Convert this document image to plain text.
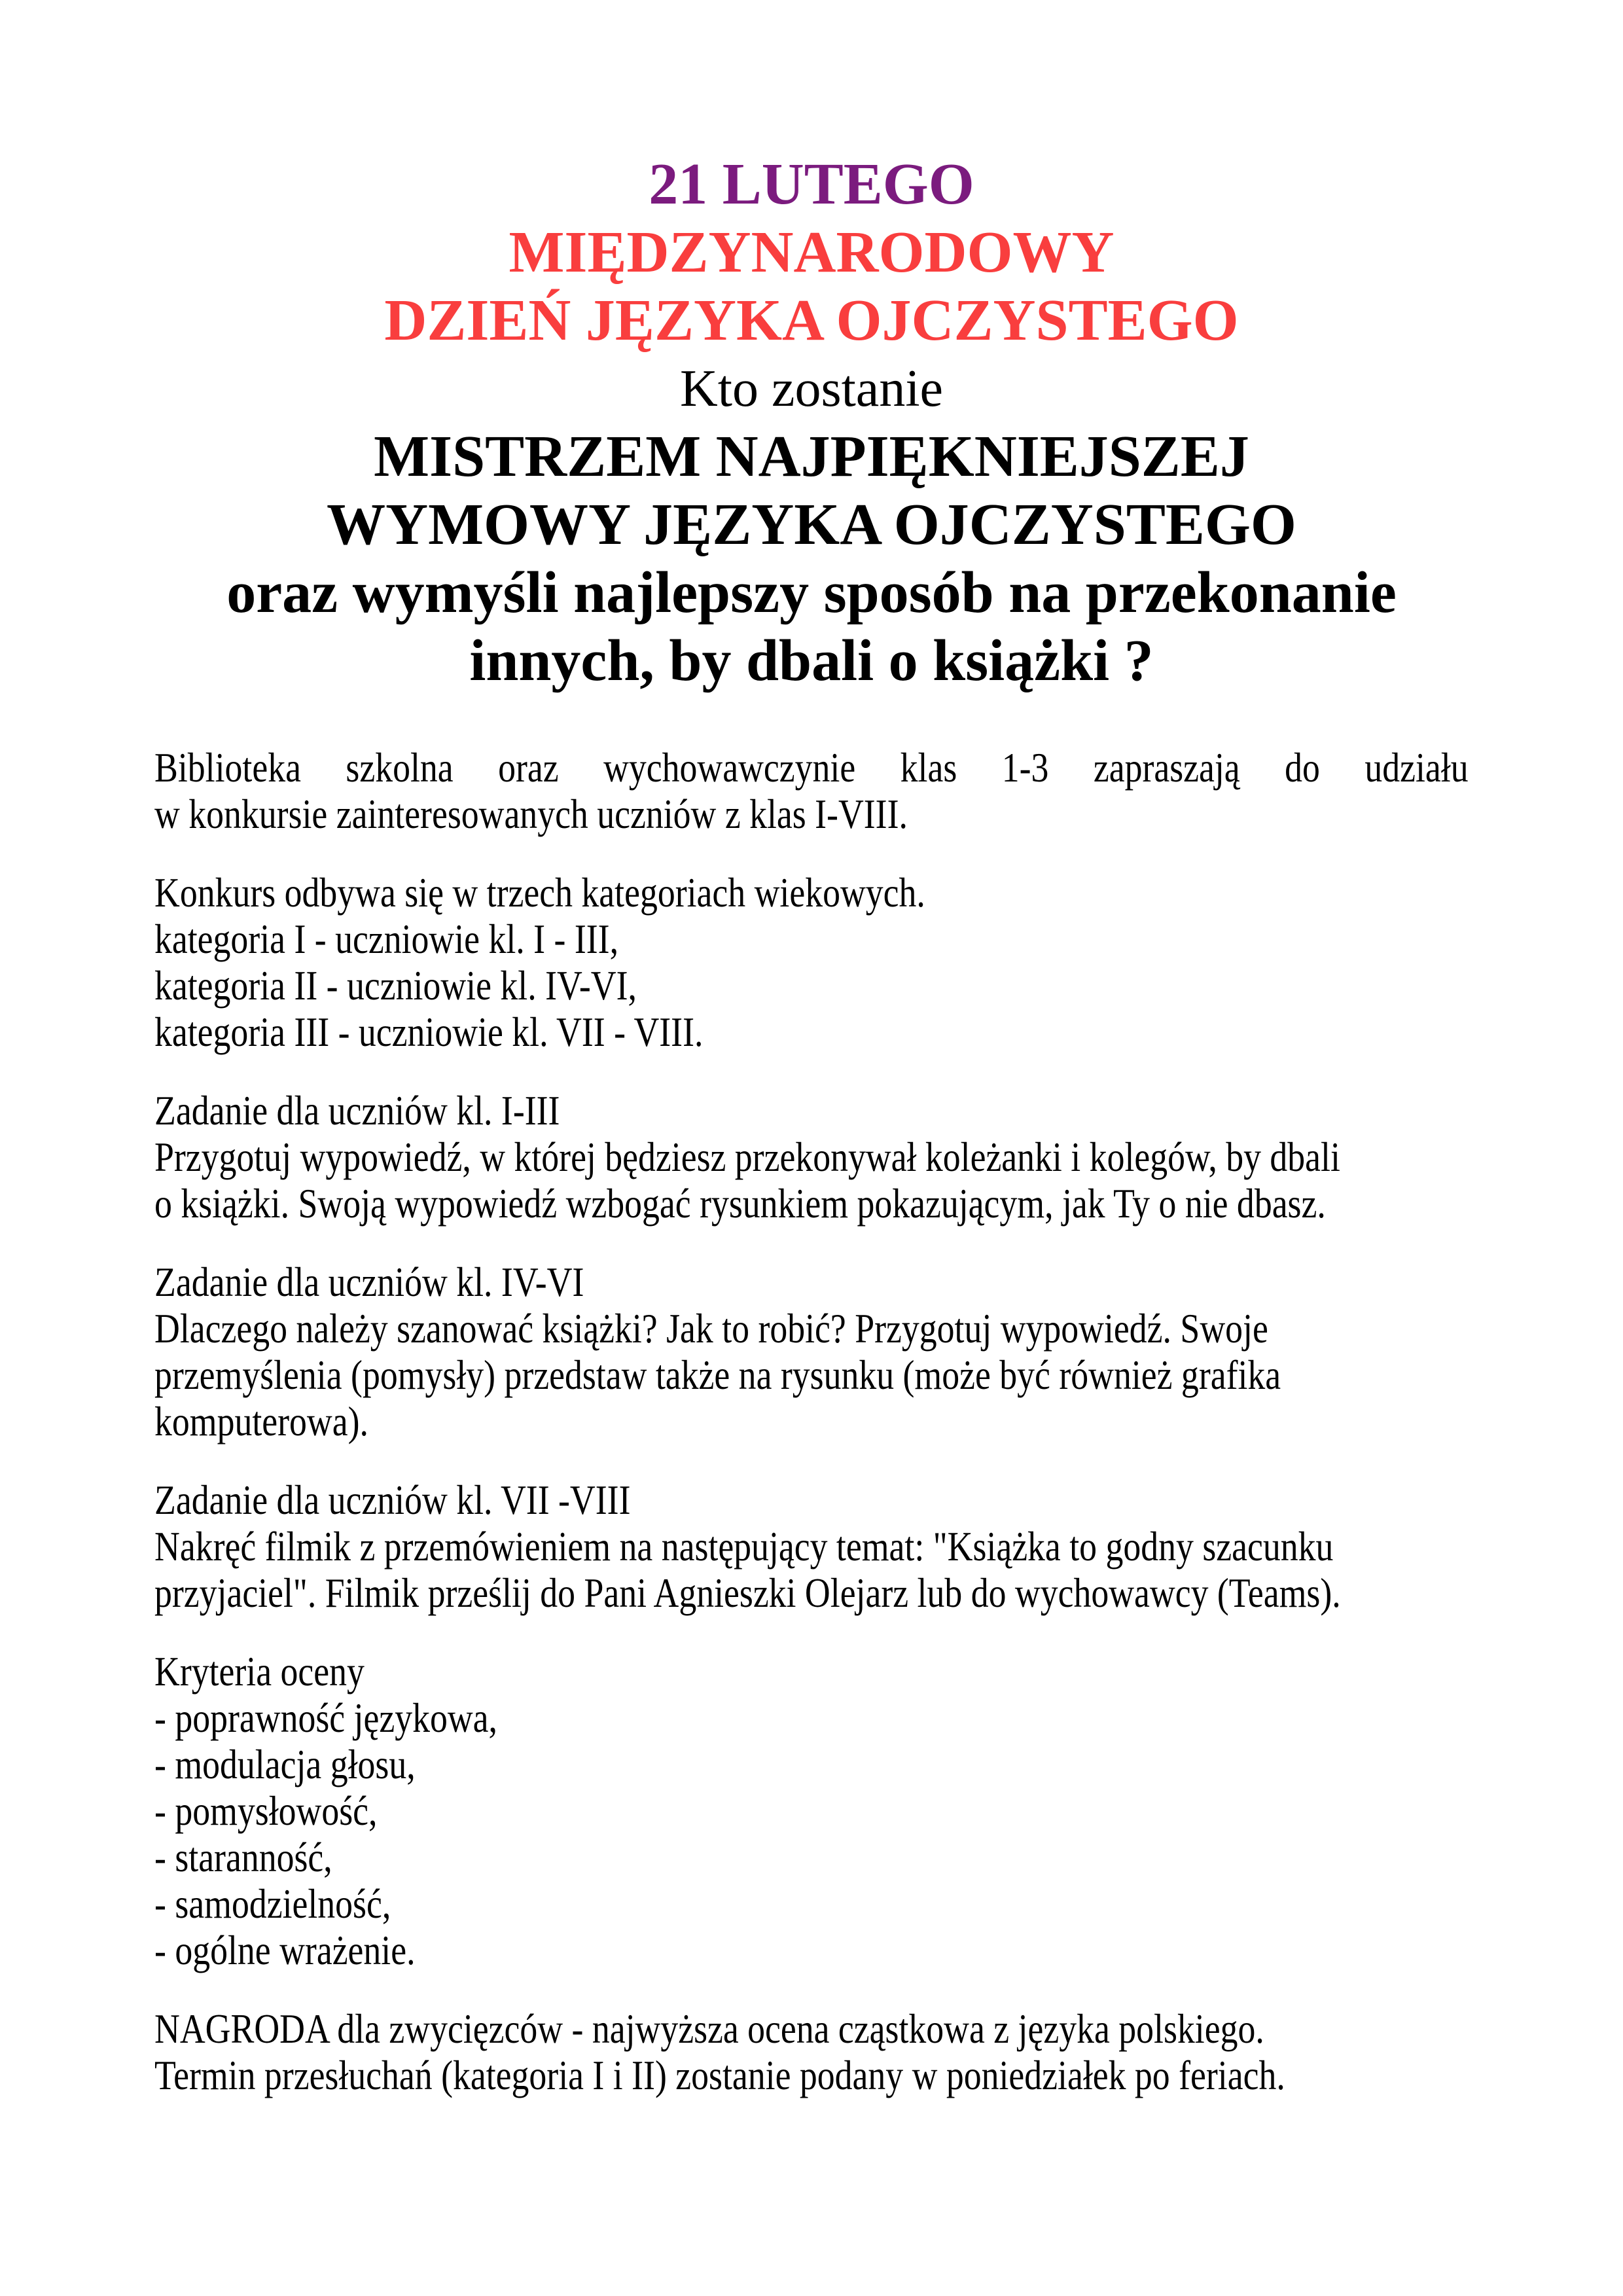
21 LUTEGO
MIĘDZYNARODOWY
DZIEŃ JĘZYKA OJCZYSTEGO
Kto zostanie
MISTRZEM NAJPIĘKNIEJSZEJ
WYMOWY JĘZYKA OJCZYSTEGO
oraz wymyśli najlepszy sposób na przekonanie
innych, by dbali o książki ?
Biblioteka szkolna oraz wychowawczynie klas 1-3 zapraszają do udziału
w konkursie zainteresowanych uczniów z klas I-VIII.
Konkurs odbywa się w trzech kategoriach wiekowych.
kategoria I - uczniowie kl. I - III,
kategoria II - uczniowie kl. IV-VI,
kategoria III - uczniowie kl. VII - VIII.
Zadanie dla uczniów kl. I-III
Przygotuj wypowiedź, w której będziesz przekonywał koleżanki i kolegów, by dbali
o książki. Swoją wypowiedź wzbogać rysunkiem pokazującym, jak Ty o nie dbasz.
Zadanie dla uczniów kl. IV-VI
Dlaczego należy szanować książki? Jak to robić? Przygotuj wypowiedź. Swoje
przemyślenia (pomysły) przedstaw także na rysunku (może być również grafika
komputerowa).
Zadanie dla uczniów kl. VII -VIII
Nakręć filmik z przemówieniem na następujący temat: "Książka to godny szacunku
przyjaciel". Filmik prześlij do Pani Agnieszki Olejarz lub do wychowawcy (Teams).
Kryteria oceny
- poprawność językowa,
- modulacja głosu,
- pomysłowość,
- staranność,
- samodzielność,
- ogólne wrażenie.
NAGRODA dla zwycięzców - najwyższa ocena cząstkowa z języka polskiego.
Termin przesłuchań (kategoria I i II) zostanie podany w poniedziałek po feriach.
